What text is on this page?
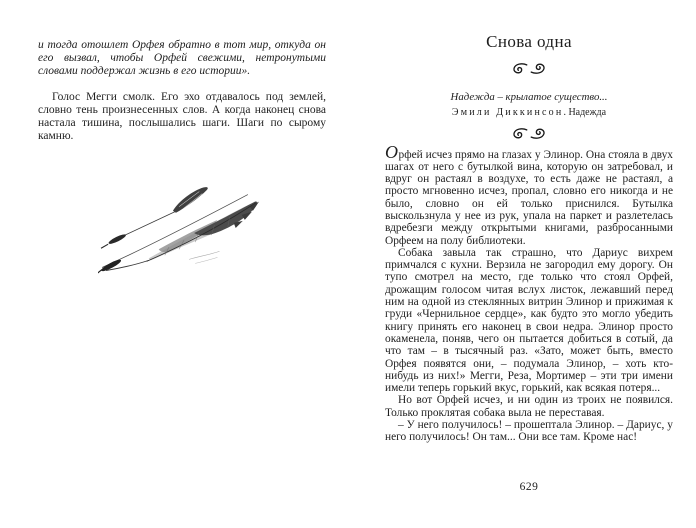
и тогда отошлет Орфея обратно в тот мир, откуда он его вызвал, чтобы Орфей свежими, нетронутыми словами поддержал жизнь в его истории».

Голос Мегги смолк. Его эхо отдавалось под землей, словно тень произнесенных слов. А когда наконец снова настала тишина, послышались шаги. Шаги по сырому камню.

Снова одна

Надежда – крылатое существо...

Эмили Диккинсон. Надежда

Орфей исчез прямо на глазах у Элинор. Она стояла в двух шагах от него с бутылкой вина, которую он затребовал, и вдруг он растаял в воздухе, то есть даже не растаял, а просто мгновенно исчез, пропал, словно его никогда и не было, словно он ей только приснился. Бутылка выскользнула у нее из рук, упала на паркет и разлетелась вдребезги между открытыми книгами, разбросанными Орфеем на полу библиотеки.

Собака завыла так страшно, что Дариус вихрем примчался с кухни. Верзила не загородил ему дорогу. Он тупо смотрел на место, где только что стоял Орфей, дрожащим голосом читая вслух листок, лежавший перед ним на одной из стеклянных витрин Элинор и прижимая к груди «Чернильное сердце», как будто это могло убедить книгу принять его наконец в свои недра. Элинор просто окаменела, поняв, чего он пытается добиться в сотый, да что там – в тысячный раз. «Зато, может быть, вместо Орфея появятся они, – подумала Элинор, – хоть кто-нибудь из них!» Мегги, Реза, Мортимер – эти три имени имели теперь горький вкус, горький, как всякая потеря...

Но вот Орфей исчез, и ни один из троих не появился. Только проклятая собака выла не переставая.

– У него получилось! – прошептала Элинор. – Дариус, у него получилось! Он там... Они все там. Кроме нас!

629
